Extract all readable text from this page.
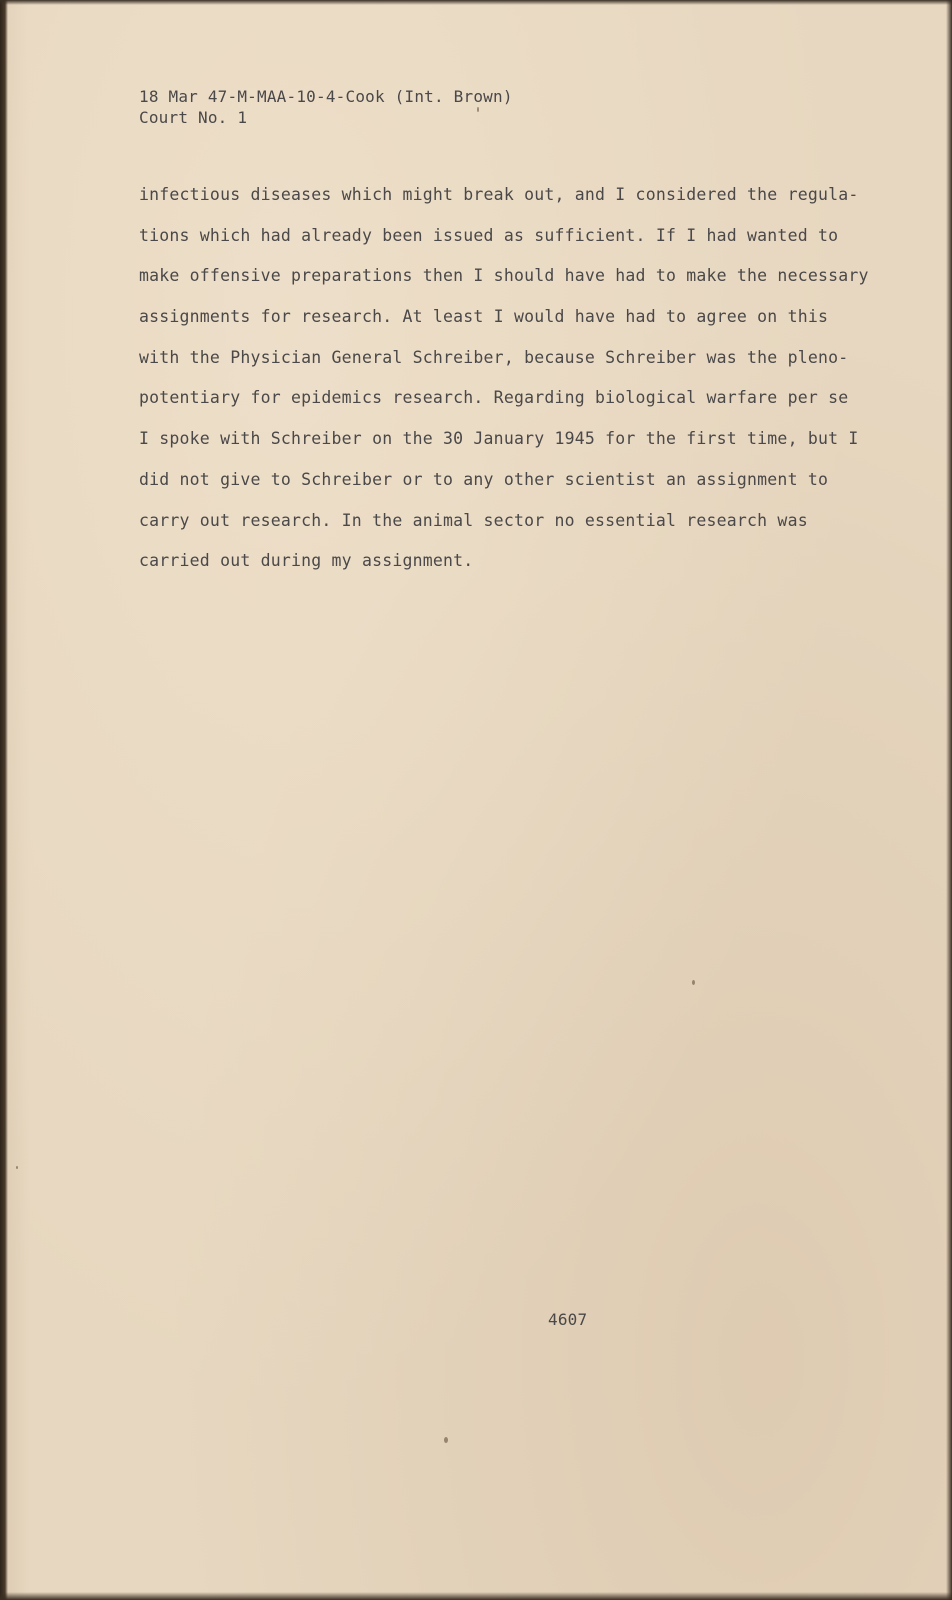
18 Mar 47-M-MAA-10-4-Cook (Int. Brown)
Court No. 1
infectious diseases which might break out, and I considered the regula-
tions which had already been issued as sufficient. If I had wanted to
make offensive preparations then I should have had to make the necessary
assignments for research. At least I would have had to agree on this
with the Physician General Schreiber, because Schreiber was the pleno-
potentiary for epidemics research. Regarding biological warfare per se
I spoke with Schreiber on the 30 January 1945 for the first time, but I
did not give to Schreiber or to any other scientist an assignment to
carry out research. In the animal sector no essential research was
carried out during my assignment.
4607
